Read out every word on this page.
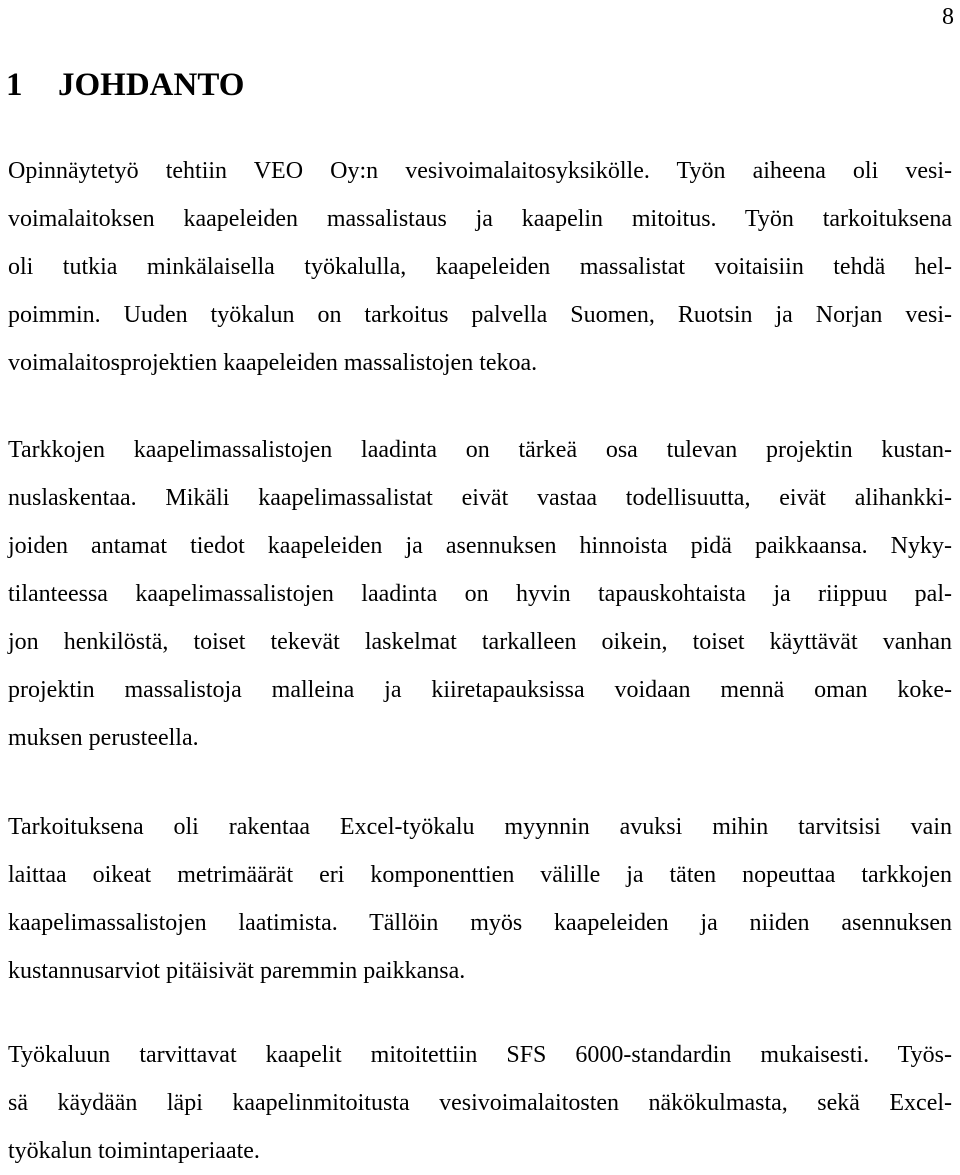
8
1 JOHDANTO
Opinnäytetyö tehtiin VEO Oy:n vesivoimalaitosyksikölle. Työn aiheena oli vesi-
voimalaitoksen kaapeleiden massalistaus ja kaapelin mitoitus. Työn tarkoituksena
oli tutkia minkälaisella työkalulla, kaapeleiden massalistat voitaisiin tehdä hel-
poimmin. Uuden työkalun on tarkoitus palvella Suomen, Ruotsin ja Norjan vesi-
voimalaitosprojektien kaapeleiden massalistojen tekoa.
Tarkkojen kaapelimassalistojen laadinta on tärkeä osa tulevan projektin kustan-
nuslaskentaa. Mikäli kaapelimassalistat eivät vastaa todellisuutta, eivät alihankki-
joiden antamat tiedot kaapeleiden ja asennuksen hinnoista pidä paikkaansa. Nyky-
tilanteessa kaapelimassalistojen laadinta on hyvin tapauskohtaista ja riippuu pal-
jon henkilöstä, toiset tekevät laskelmat tarkalleen oikein, toiset käyttävät vanhan
projektin massalistoja malleina ja kiiretapauksissa voidaan mennä oman koke-
muksen perusteella.
Tarkoituksena oli rakentaa Excel-työkalu myynnin avuksi mihin tarvitsisi vain
laittaa oikeat metrimäärät eri komponenttien välille ja täten nopeuttaa tarkkojen
kaapelimassalistojen laatimista. Tällöin myös kaapeleiden ja niiden asennuksen
kustannusarviot pitäisivät paremmin paikkansa.
Työkaluun tarvittavat kaapelit mitoitettiin SFS 6000-standardin mukaisesti. Työs-
sä käydään läpi kaapelinmitoitusta vesivoimalaitosten näkökulmasta, sekä Excel-
työkalun toimintaperiaate.
